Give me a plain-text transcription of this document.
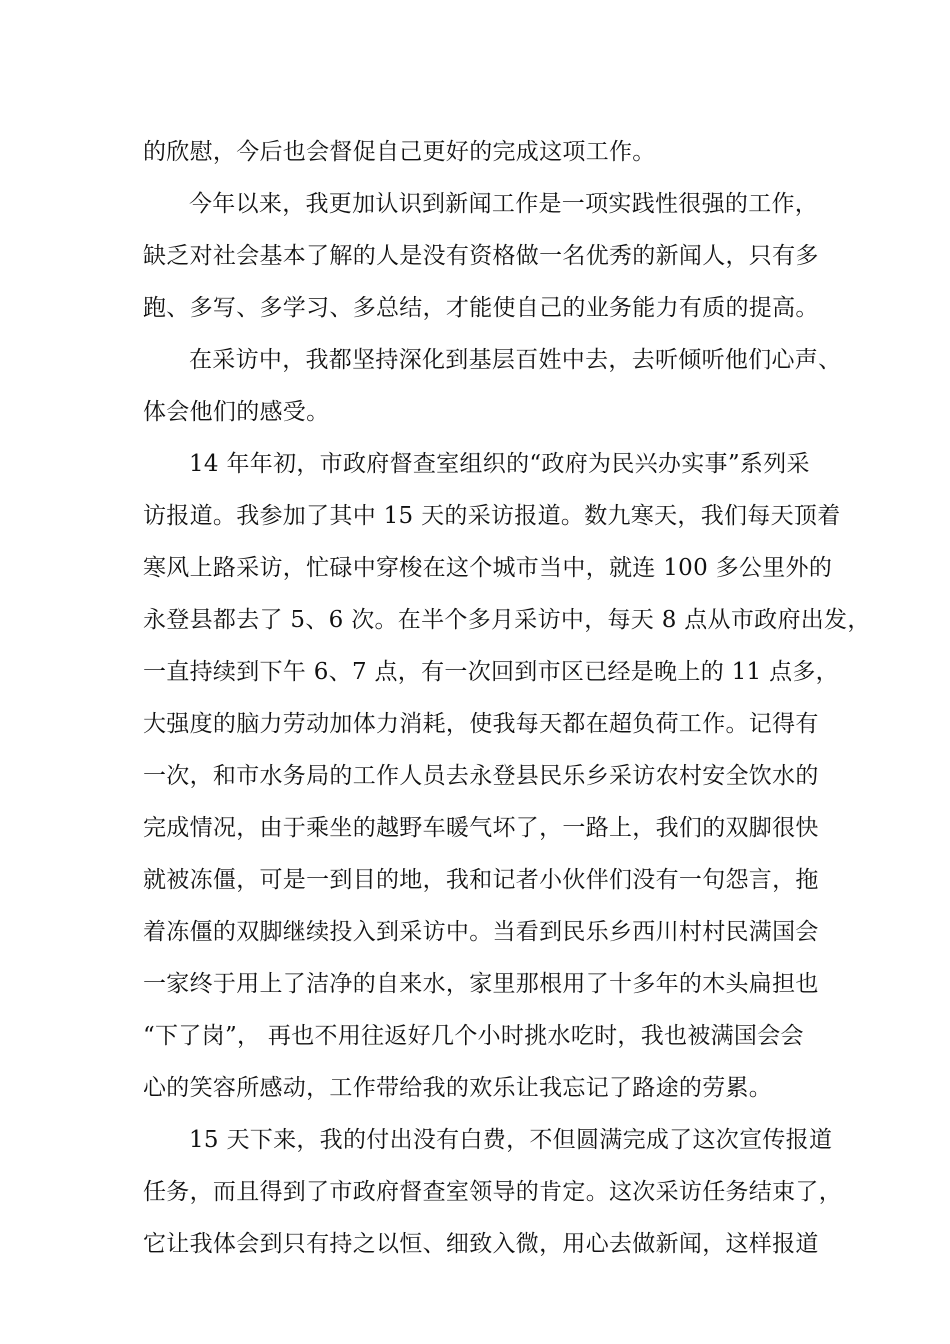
的欣慰，今后也会督促自己更好的完成这项工作。
今年以来，我更加认识到新闻工作是一项实践性很强的工作，
缺乏对社会基本了解的人是没有资格做一名优秀的新闻人，只有多
跑、多写、多学习、多总结，才能使自己的业务能力有质的提高。
在采访中，我都坚持深化到基层百姓中去，去听倾听他们心声、
体会他们的感受。
14 年年初，市政府督查室组织的“政府为民兴办实事”系列采
访报道。我参加了其中 15 天的采访报道。数九寒天，我们每天顶着
寒风上路采访，忙碌中穿梭在这个城市当中，就连 100 多公里外的
永登县都去了 5、6 次。在半个多月采访中，每天 8 点从市政府出发，
一直持续到下午 6、7 点，有一次回到市区已经是晚上的 11 点多，
大强度的脑力劳动加体力消耗，使我每天都在超负荷工作。记得有
一次，和市水务局的工作人员去永登县民乐乡采访农村安全饮水的
完成情况，由于乘坐的越野车暖气坏了，一路上，我们的双脚很快
就被冻僵，可是一到目的地，我和记者小伙伴们没有一句怨言，拖
着冻僵的双脚继续投入到采访中。当看到民乐乡西川村村民满国会
一家终于用上了洁净的自来水，家里那根用了十多年的木头扁担也
“下了岗”， 再也不用往返好几个小时挑水吃时，我也被满国会会
心的笑容所感动，工作带给我的欢乐让我忘记了路途的劳累。
15 天下来，我的付出没有白费，不但圆满完成了这次宣传报道
任务，而且得到了市政府督查室领导的肯定。这次采访任务结束了，
它让我体会到只有持之以恒、细致入微，用心去做新闻，这样报道
